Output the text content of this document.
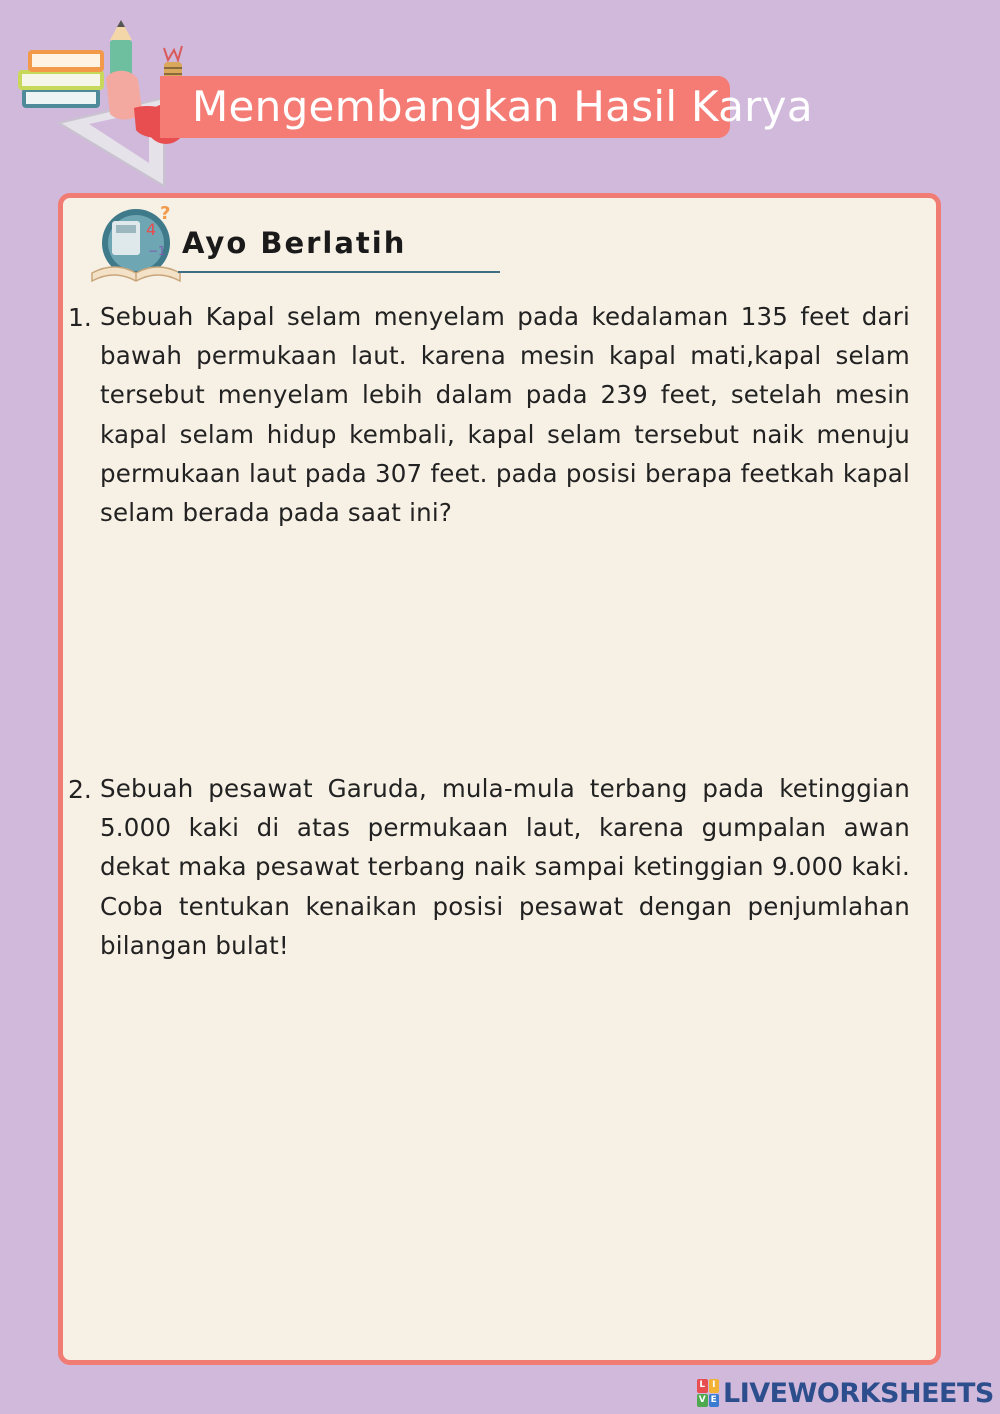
Mengembangkan Hasil Karya
4
−1
?
Ayo Berlatih
1. Sebuah Kapal selam menyelam pada kedalaman 135 feet dari bawah permukaan laut. karena mesin kapal mati,kapal selam tersebut menyelam lebih dalam pada 239 feet, setelah mesin kapal selam hidup kembali, kapal selam tersebut naik menuju permukaan laut pada 307 feet. pada posisi berapa feetkah kapal selam berada pada saat ini?
2. Sebuah pesawat Garuda, mula-mula terbang pada ketinggian 5.000 kaki di atas permukaan laut, karena gumpalan awan dekat maka pesawat terbang naik sampai ketinggian 9.000 kaki. Coba tentukan kenaikan posisi pesawat dengan penjumlahan bilangan bulat!
L I
V E LIVEWORKSHEETS
